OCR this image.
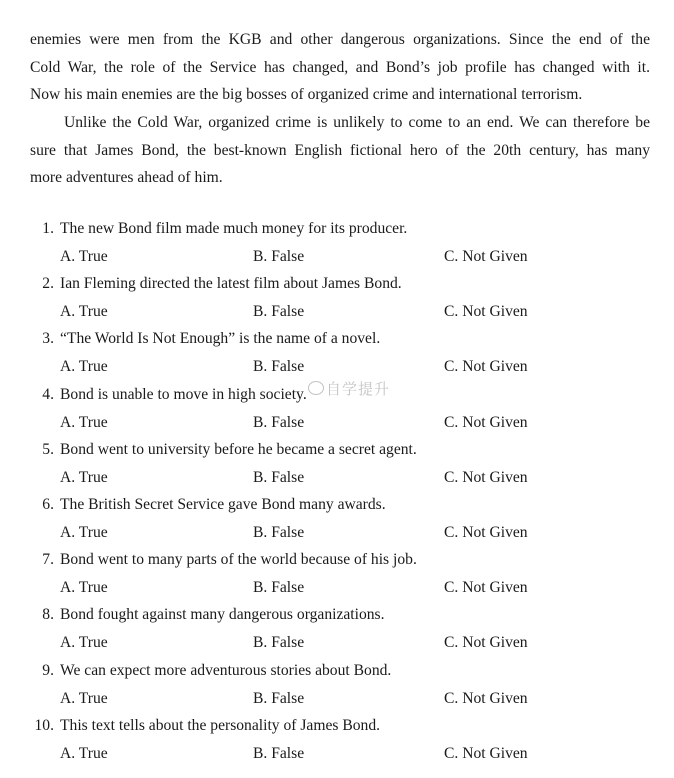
enemies were men from the KGB and other dangerous organizations. Since the end of the
Cold War, the role of the Service has changed, and Bond’s job profile has changed with it.
Now his main enemies are the big bosses of organized crime and international terrorism.
Unlike the Cold War, organized crime is unlikely to come to an end. We can therefore be
sure that James Bond, the best-known English fictional hero of the 20th century, has many
more adventures ahead of him.
1. The new Bond film made much money for its producer.
A. True	B. False	C. Not Given
2. Ian Fleming directed the latest film about James Bond.
A. True	B. False	C. Not Given
3. “The World Is Not Enough” is the name of a novel.
A. True	B. False	C. Not Given
4. Bond is unable to move in high society.
A. True	B. False	C. Not Given
5. Bond went to university before he became a secret agent.
A. True	B. False	C. Not Given
6. The British Secret Service gave Bond many awards.
A. True	B. False	C. Not Given
7. Bond went to many parts of the world because of his job.
A. True	B. False	C. Not Given
8. Bond fought against many dangerous organizations.
A. True	B. False	C. Not Given
9. We can expect more adventurous stories about Bond.
A. True	B. False	C. Not Given
10. This text tells about the personality of James Bond.
A. True	B. False	C. Not Given
自学提升
